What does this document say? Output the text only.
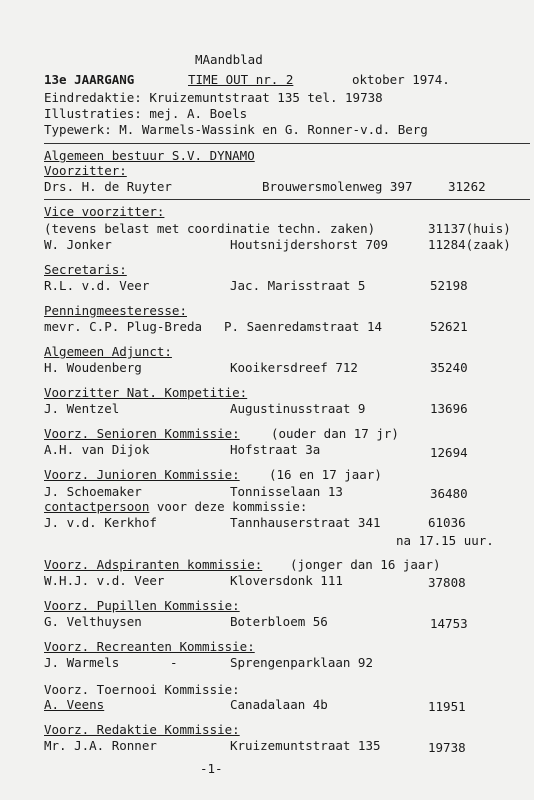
MAandblad
13e JAARGANG	TIME OUT nr. 2	oktober 1974.
Eindredaktie: Kruizemuntstraat 135 tel. 19738
Illustraties: mej. A. Boels
Typewerk: M. Warmels-Wassink en G. Ronner-v.d. Berg
Algemeen bestuur S.V. DYNAMO
Voorzitter:
Drs. H. de Ruyter	Brouwersmolenweg 397	31262
Vice voorzitter:
(tevens belast met coordinatie techn. zaken)	31137(huis)
W. Jonker	Houtsnijdershorst 709	11284(zaak)
Secretaris:
R.L. v.d. Veer	Jac. Marisstraat 5	52198
Penningmeesteresse:
mevr. C.P. Plug-Breda P. Saenredamstraat 14	52621
Algemeen Adjunct:
H. Woudenberg	Kooikersdreef 712	35240
Voorzitter Nat. Kompetitie:
J. Wentzel	Augustinusstraat 9	13696
Voorz. Senioren Kommissie:	(ouder dan 17 jr)
A.H. van Dijok	Hofstraat 3a	12694
Voorz. Junioren Kommissie: (16 en 17 jaar)
J. Schoemaker	Tonnisselaan 13	36480
contactpersoon voor deze kommissie:
J. v.d. Kerkhof	Tannhauserstraat 341	61036
na 17.15 uur.
Voorz. Adspiranten kommissie: (jonger dan 16 jaar)
W.H.J. v.d. Veer	Kloversdonk 111	37808
Voorz. Pupillen Kommissie:
G. Velthuysen	Boterbloem 56	14753
Voorz. Recreanten Kommissie:
J. Warmels	-	Sprengenparklaan 92
Voorz. Toernooi Kommissie:
A. Veens	Canadalaan 4b	11951
Voorz. Redaktie Kommissie:
Mr. J.A. Ronner	Kruizemuntstraat 135	19738
-1-
